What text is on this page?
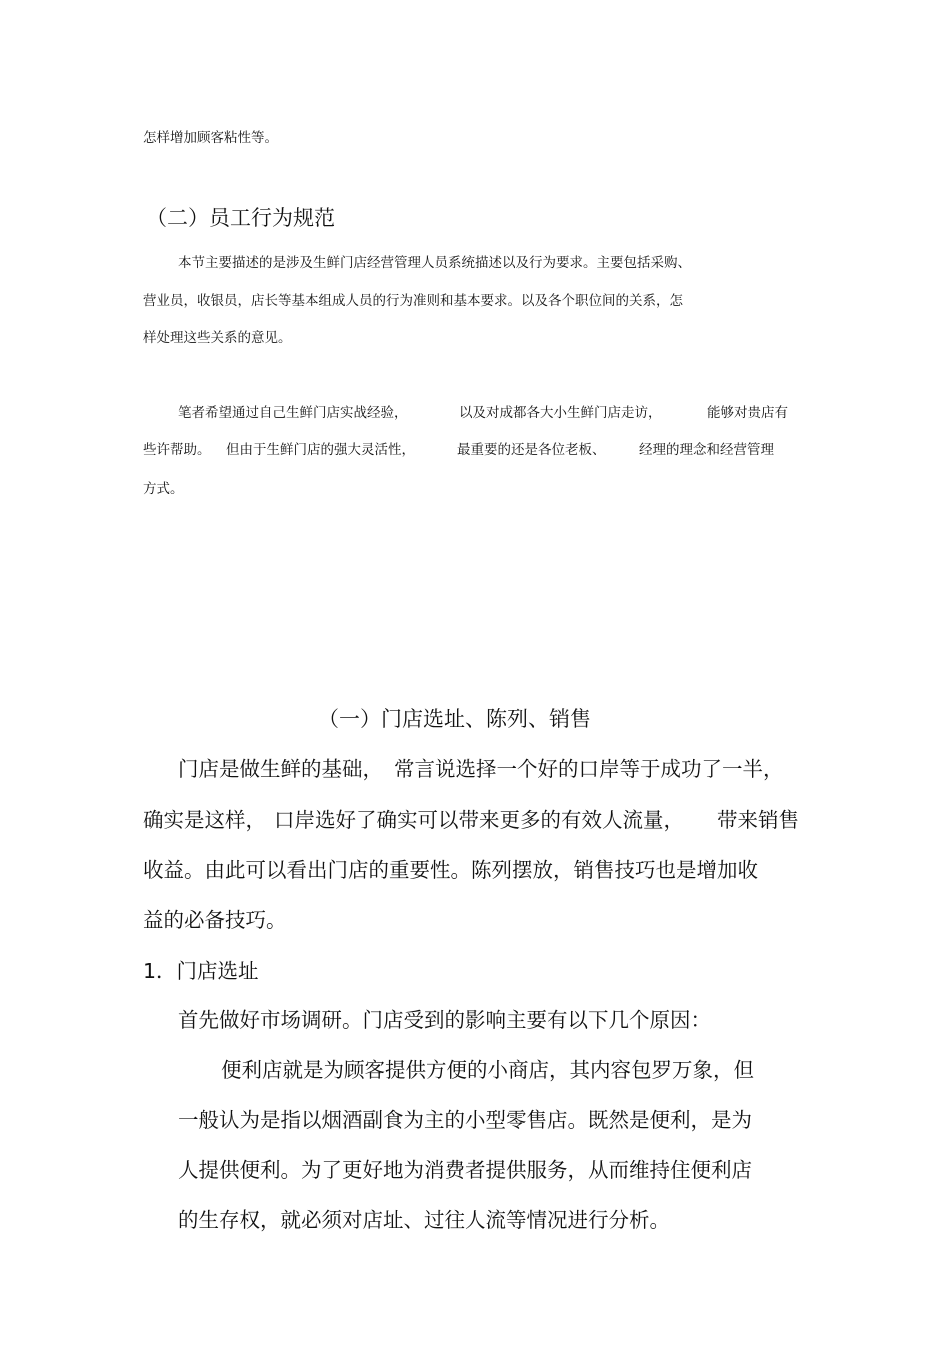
怎样增加顾客粘性等。

（二）员工行为规范

本节主要描述的是涉及生鲜门店经营管理人员系统描述以及行为要求。主要包括采购、

营业员，收银员，店长等基本组成人员的行为准则和基本要求。以及各个职位间的关系，怎

样处理这些关系的意见。

笔者希望通过自己生鲜门店实战经验，	以及对成都各大小生鲜门店走访，	能够对贵店有

些许帮助。 但由于生鲜门店的强大灵活性，	最重要的还是各位老板、 经理的理念和经营管理

方式。

（一）门店选址、陈列、销售

门店是做生鲜的基础， 常言说选择一个好的口岸等于成功了一半，

确实是这样， 口岸选好了确实可以带来更多的有效人流量， 带来销售

收益。由此可以看出门店的重要性。陈列摆放，销售技巧也是增加收

益的必备技巧。

1．门店选址

首先做好市场调研。门店受到的影响主要有以下几个原因：

便利店就是为顾客提供方便的小商店，其内容包罗万象，但

一般认为是指以烟酒副食为主的小型零售店。既然是便利，是为

人提供便利。为了更好地为消费者提供服务，从而维持住便利店

的生存权，就必须对店址、过往人流等情况进行分析。
